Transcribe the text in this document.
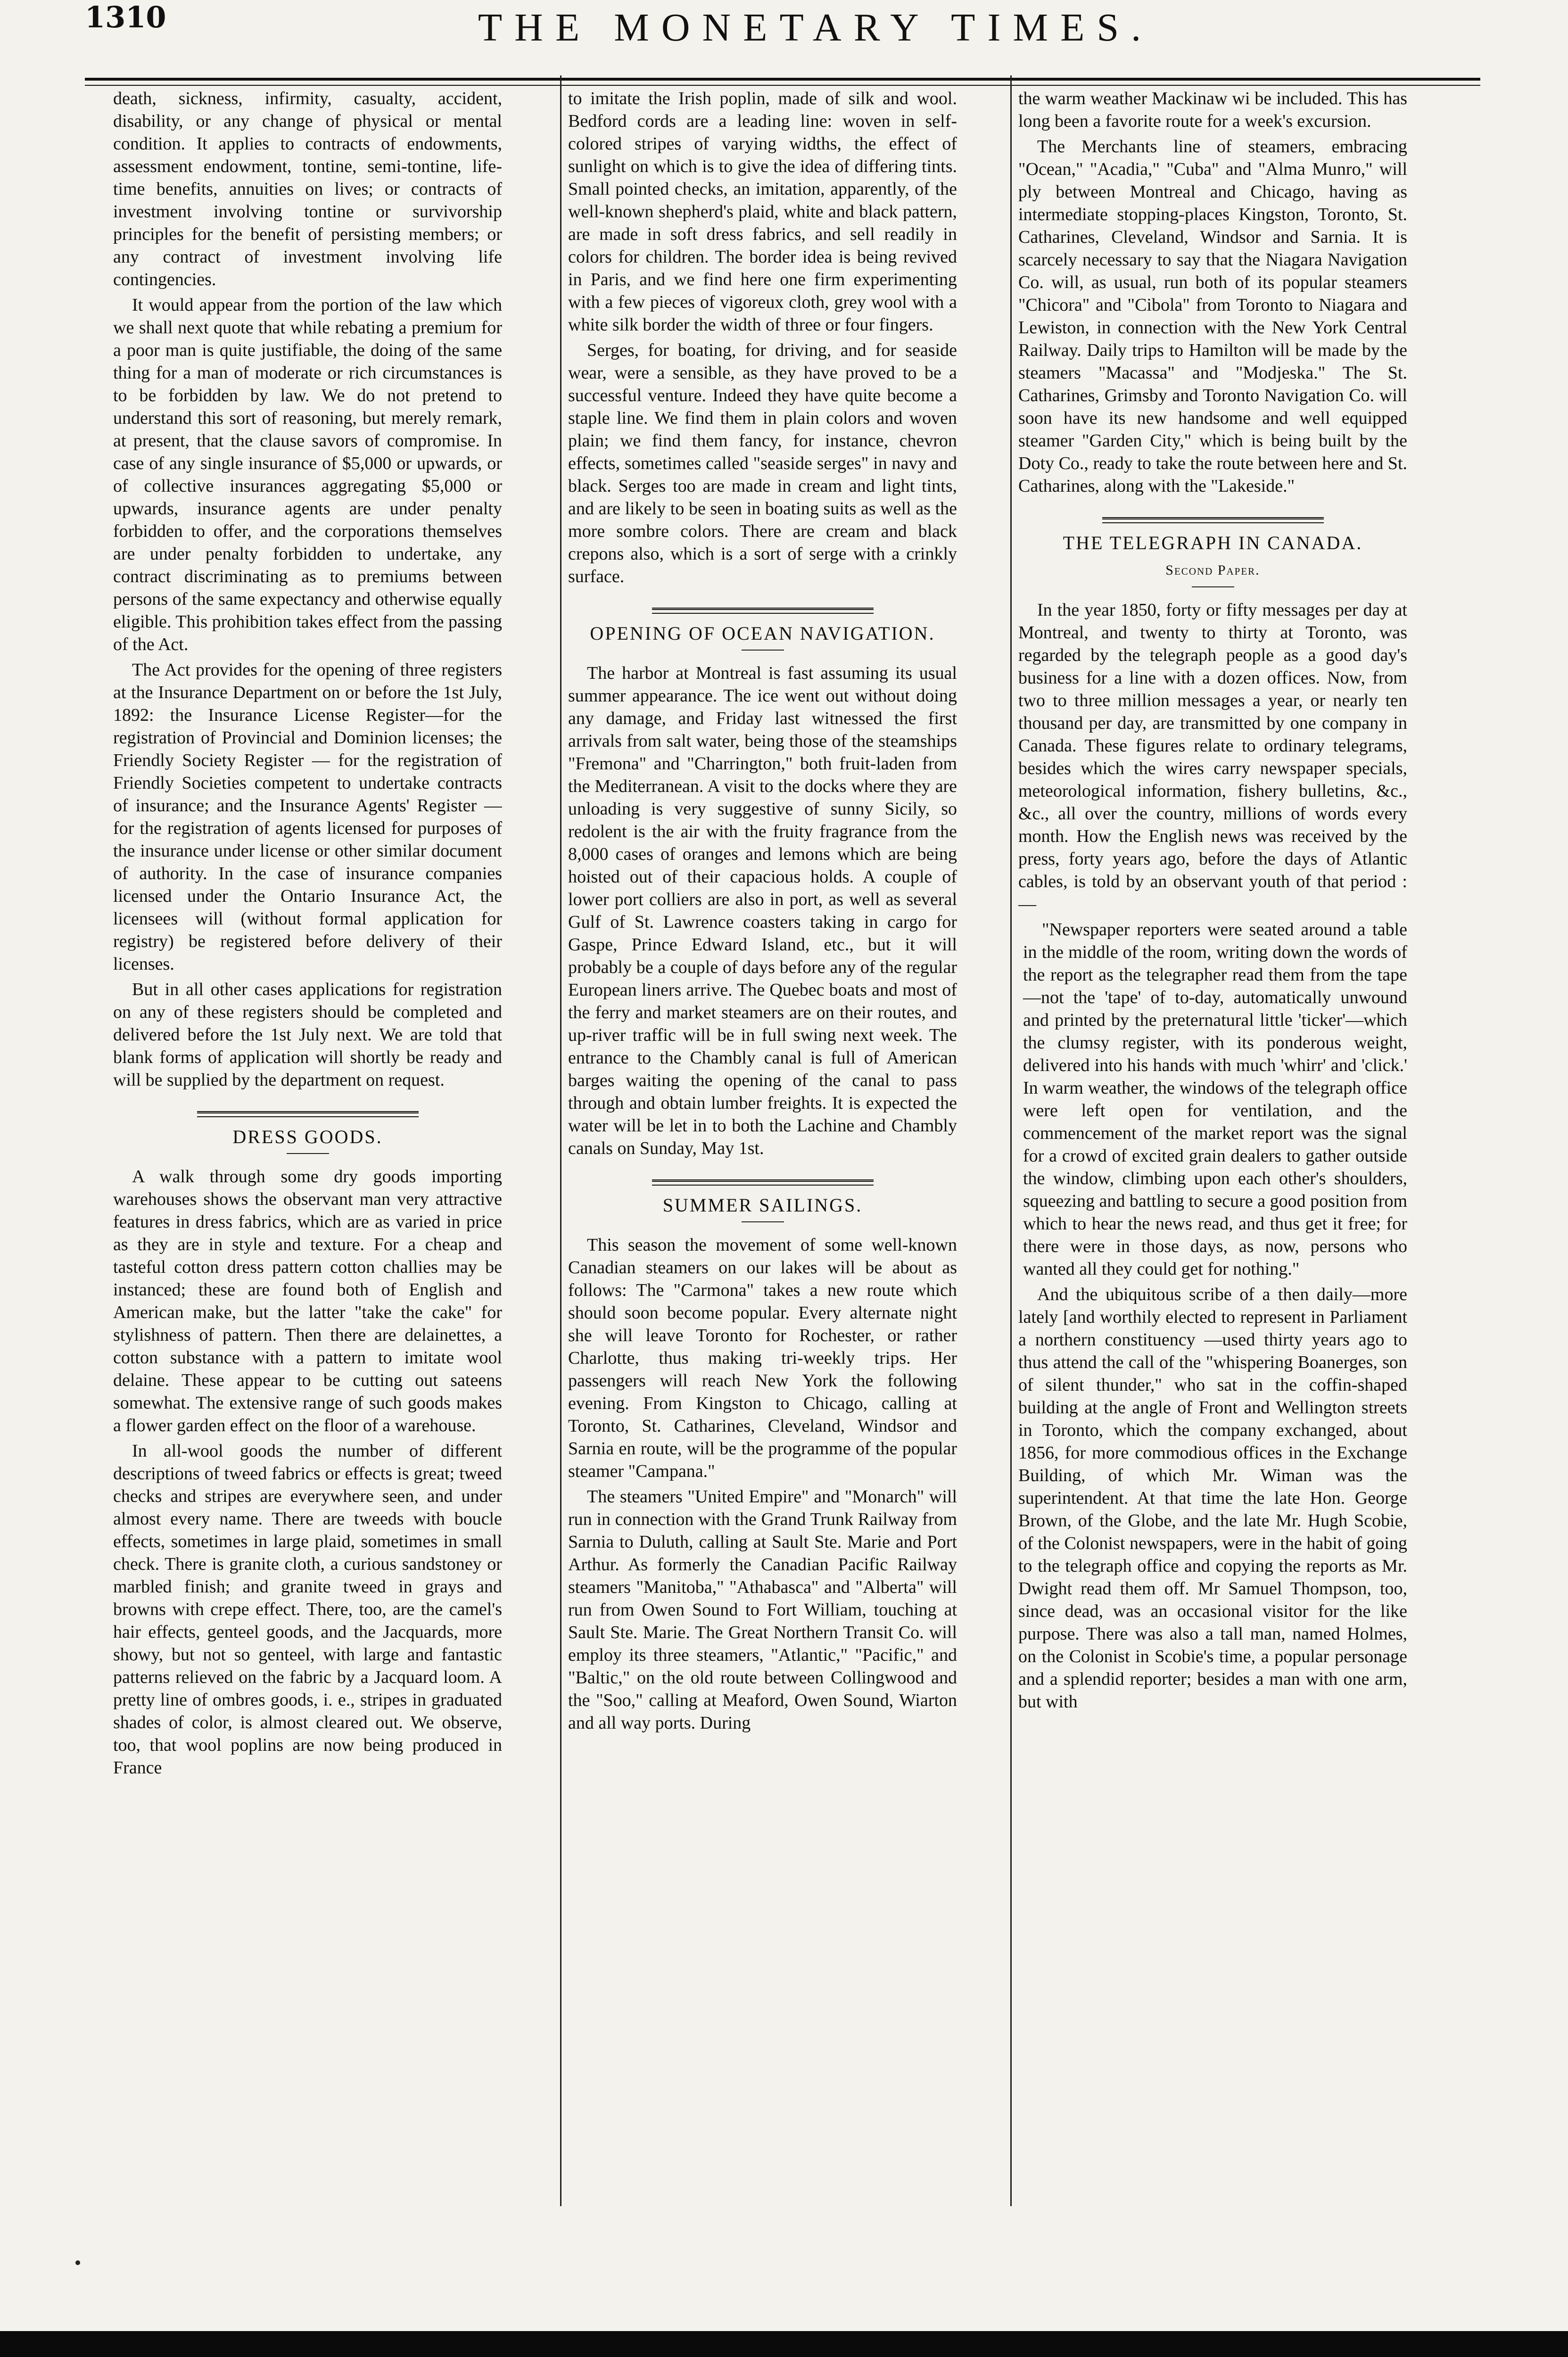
1310	THE MONETARY TIMES.

death, sickness, infirmity, casualty, accident, disability, or any change of physical or mental condition. It applies to contracts of endowments, assessment endowment, tontine, semi-tontine, life-time benefits, annuities on lives; or contracts of investment involving tontine or survivorship principles for the benefit of persisting members; or any contract of investment involving life contingencies.

It would appear from the portion of the law which we shall next quote that while rebating a premium for a poor man is quite justifiable, the doing of the same thing for a man of moderate or rich circumstances is to be forbidden by law. We do not pretend to understand this sort of reasoning, but merely remark, at present, that the clause savors of compromise. In case of any single insurance of $5,000 or upwards, or of collective insurances aggregating $5,000 or upwards, insurance agents are under penalty forbidden to offer, and the corporations themselves are under penalty forbidden to undertake, any contract discriminating as to premiums between persons of the same expectancy and otherwise equally eligible. This prohibition takes effect from the passing of the Act.

The Act provides for the opening of three registers at the Insurance Department on or before the 1st July, 1892: the Insurance License Register—for the registration of Provincial and Dominion licenses; the Friendly Society Register — for the registration of Friendly Societies competent to undertake contracts of insurance; and the Insurance Agents' Register — for the registration of agents licensed for purposes of the insurance under license or other similar document of authority. In the case of insurance companies licensed under the Ontario Insurance Act, the licensees will (without formal application for registry) be registered before delivery of their licenses.

But in all other cases applications for registration on any of these registers should be completed and delivered before the 1st July next. We are told that blank forms of application will shortly be ready and will be supplied by the department on request.

DRESS GOODS.

A walk through some dry goods importing warehouses shows the observant man very attractive features in dress fabrics, which are as varied in price as they are in style and texture. For a cheap and tasteful cotton dress pattern cotton challies may be instanced; these are found both of English and American make, but the latter "take the cake" for stylishness of pattern. Then there are delainettes, a cotton substance with a pattern to imitate wool delaine. These appear to be cutting out sateens somewhat. The extensive range of such goods makes a flower garden effect on the floor of a warehouse.

In all-wool goods the number of different descriptions of tweed fabrics or effects is great; tweed checks and stripes are everywhere seen, and under almost every name. There are tweeds with boucle effects, sometimes in large plaid, sometimes in small check. There is granite cloth, a curious sandstoney or marbled finish; and granite tweed in grays and browns with crepe effect. There, too, are the camel's hair effects, genteel goods, and the Jacquards, more showy, but not so genteel, with large and fantastic patterns relieved on the fabric by a Jacquard loom. A pretty line of ombres goods, i. e., stripes in graduated shades of color, is almost cleared out. We observe, too, that wool poplins are now being produced in France

to imitate the Irish poplin, made of silk and wool. Bedford cords are a leading line: woven in self-colored stripes of varying widths, the effect of sunlight on which is to give the idea of differing tints. Small pointed checks, an imitation, apparently, of the well-known shepherd's plaid, white and black pattern, are made in soft dress fabrics, and sell readily in colors for children. The border idea is being revived in Paris, and we find here one firm experimenting with a few pieces of vigoreux cloth, grey wool with a white silk border the width of three or four fingers.

Serges, for boating, for driving, and for seaside wear, were a sensible, as they have proved to be a successful venture. Indeed they have quite become a staple line. We find them in plain colors and woven plain; we find them fancy, for instance, chevron effects, sometimes called "seaside serges" in navy and black. Serges too are made in cream and light tints, and are likely to be seen in boating suits as well as the more sombre colors. There are cream and black crepons also, which is a sort of serge with a crinkly surface.

OPENING OF OCEAN NAVIGATION.

The harbor at Montreal is fast assuming its usual summer appearance. The ice went out without doing any damage, and Friday last witnessed the first arrivals from salt water, being those of the steamships "Fremona" and "Charrington," both fruit-laden from the Mediterranean. A visit to the docks where they are unloading is very suggestive of sunny Sicily, so redolent is the air with the fruity fragrance from the 8,000 cases of oranges and lemons which are being hoisted out of their capacious holds. A couple of lower port colliers are also in port, as well as several Gulf of St. Lawrence coasters taking in cargo for Gaspe, Prince Edward Island, etc., but it will probably be a couple of days before any of the regular European liners arrive. The Quebec boats and most of the ferry and market steamers are on their routes, and up-river traffic will be in full swing next week. The entrance to the Chambly canal is full of American barges waiting the opening of the canal to pass through and obtain lumber freights. It is expected the water will be let in to both the Lachine and Chambly canals on Sunday, May 1st.

SUMMER SAILINGS.

This season the movement of some well-known Canadian steamers on our lakes will be about as follows: The "Carmona" takes a new route which should soon become popular. Every alternate night she will leave Toronto for Rochester, or rather Charlotte, thus making tri-weekly trips. Her passengers will reach New York the following evening. From Kingston to Chicago, calling at Toronto, St. Catharines, Cleveland, Windsor and Sarnia en route, will be the programme of the popular steamer "Campana."

The steamers "United Empire" and "Monarch" will run in connection with the Grand Trunk Railway from Sarnia to Duluth, calling at Sault Ste. Marie and Port Arthur. As formerly the Canadian Pacific Railway steamers "Manitoba," "Athabasca" and "Alberta" will run from Owen Sound to Fort William, touching at Sault Ste. Marie. The Great Northern Transit Co. will employ its three steamers, "Atlantic," "Pacific," and "Baltic," on the old route between Collingwood and the "Soo," calling at Meaford, Owen Sound, Wiarton and all way ports. During

the warm weather Mackinaw wi be included. This has long been a favorite route for a week's excursion.

The Merchants line of steamers, embracing "Ocean," "Acadia," "Cuba" and "Alma Munro," will ply between Montreal and Chicago, having as intermediate stopping-places Kingston, Toronto, St. Catharines, Cleveland, Windsor and Sarnia. It is scarcely necessary to say that the Niagara Navigation Co. will, as usual, run both of its popular steamers "Chicora" and "Cibola" from Toronto to Niagara and Lewiston, in connection with the New York Central Railway. Daily trips to Hamilton will be made by the steamers "Macassa" and "Modjeska." The St. Catharines, Grimsby and Toronto Navigation Co. will soon have its new handsome and well equipped steamer "Garden City," which is being built by the Doty Co., ready to take the route between here and St. Catharines, along with the "Lakeside."

THE TELEGRAPH IN CANADA.
Second Paper.

In the year 1850, forty or fifty messages per day at Montreal, and twenty to thirty at Toronto, was regarded by the telegraph people as a good day's business for a line with a dozen offices. Now, from two to three million messages a year, or nearly ten thousand per day, are transmitted by one company in Canada. These figures relate to ordinary telegrams, besides which the wires carry newspaper specials, meteorological information, fishery bulletins, &c., &c., all over the country, millions of words every month. How the English news was received by the press, forty years ago, before the days of Atlantic cables, is told by an observant youth of that period :—

"Newspaper reporters were seated around a table in the middle of the room, writing down the words of the report as the telegrapher read them from the tape—not the 'tape' of to-day, automatically unwound and printed by the preternatural little 'ticker'—which the clumsy register, with its ponderous weight, delivered into his hands with much 'whirr' and 'click.' In warm weather, the windows of the telegraph office were left open for ventilation, and the commencement of the market report was the signal for a crowd of excited grain dealers to gather outside the window, climbing upon each other's shoulders, squeezing and battling to secure a good position from which to hear the news read, and thus get it free; for there were in those days, as now, persons who wanted all they could get for nothing."

And the ubiquitous scribe of a then daily—more lately [and worthily elected to represent in Parliament a northern constituency —used thirty years ago to thus attend the call of the "whispering Boanerges, son of silent thunder," who sat in the coffin-shaped building at the angle of Front and Wellington streets in Toronto, which the company exchanged, about 1856, for more commodious offices in the Exchange Building, of which Mr. Wiman was the superintendent. At that time the late Hon. George Brown, of the Globe, and the late Mr. Hugh Scobie, of the Colonist newspapers, were in the habit of going to the telegraph office and copying the reports as Mr. Dwight read them off. Mr Samuel Thompson, too, since dead, was an occasional visitor for the like purpose. There was also a tall man, named Holmes, on the Colonist in Scobie's time, a popular personage and a splendid reporter; besides a man with one arm, but with
